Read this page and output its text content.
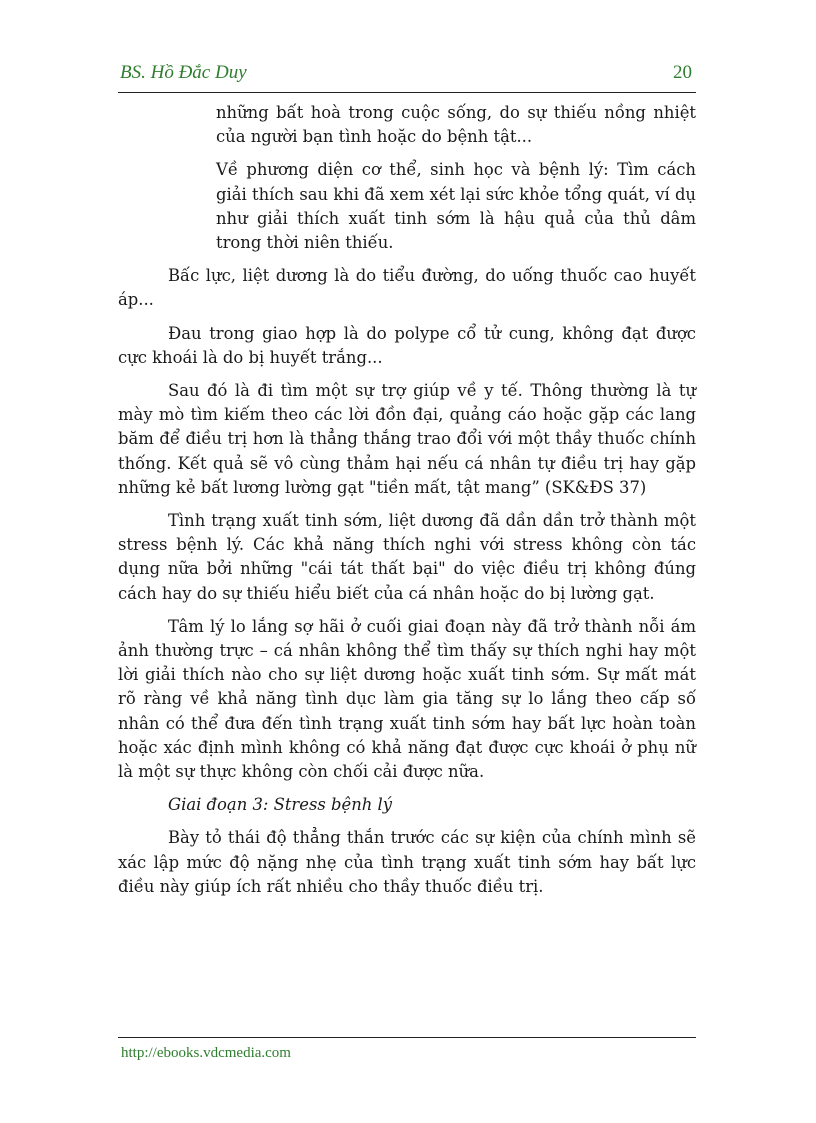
BS. Hồ Đắc Duy	20

những bất hoà trong cuộc sống, do sự thiếu nồng nhiệt của người bạn tình hoặc do bệnh tật...

Về phương diện cơ thể, sinh học và bệnh lý: Tìm cách giải thích sau khi đã xem xét lại sức khỏe tổng quát, ví dụ như giải thích xuất tinh sớm là hậu quả của thủ dâm trong thời niên thiếu.

Bấc lực, liệt dương là do tiểu đường, do uống thuốc cao huyết áp...

Đau trong giao hợp là do polype cổ tử cung, không đạt được cực khoái là do bị huyết trắng...

Sau đó là đi tìm một sự trợ giúp về y tế. Thông thường là tự mày mò tìm kiếm theo các lời đồn đại, quảng cáo hoặc gặp các lang băm để điều trị hơn là thẳng thắng trao đổi với một thầy thuốc chính thống. Kết quả sẽ vô cùng thảm hại nếu cá nhân tự điều trị hay gặp những kẻ bất lương lường gạt "tiền mất, tật mang” (SK&ĐS 37)

Tình trạng xuất tinh sớm, liệt dương đã dần dần trở thành một stress bệnh lý. Các khả năng thích nghi với stress không còn tác dụng nữa bởi những "cái tát thất bại" do việc điều trị không đúng cách hay do sự thiếu hiểu biết của cá nhân hoặc do bị lường gạt.

Tâm lý lo lắng sợ hãi ở cuối giai đoạn này đã trở thành nỗi ám ảnh thường trực – cá nhân không thể tìm thấy sự thích nghi hay một lời giải thích nào cho sự liệt dương hoặc xuất tinh sớm. Sự mất mát rõ ràng về khả năng tình dục làm gia tăng sự lo lắng theo cấp số nhân có thể đưa đến tình trạng xuất tinh sớm hay bất lực hoàn toàn hoặc xác định mình không có khả năng đạt được cực khoái ở phụ nữ là một sự thực không còn chối cải được nữa.

Giai đoạn 3: Stress bệnh lý

Bày tỏ thái độ thẳng thắn trước các sự kiện của chính mình sẽ xác lập mức độ nặng nhẹ của tình trạng xuất tinh sớm hay bất lực điều này giúp ích rất nhiều cho thầy thuốc điều trị.

http://ebooks.vdcmedia.com
